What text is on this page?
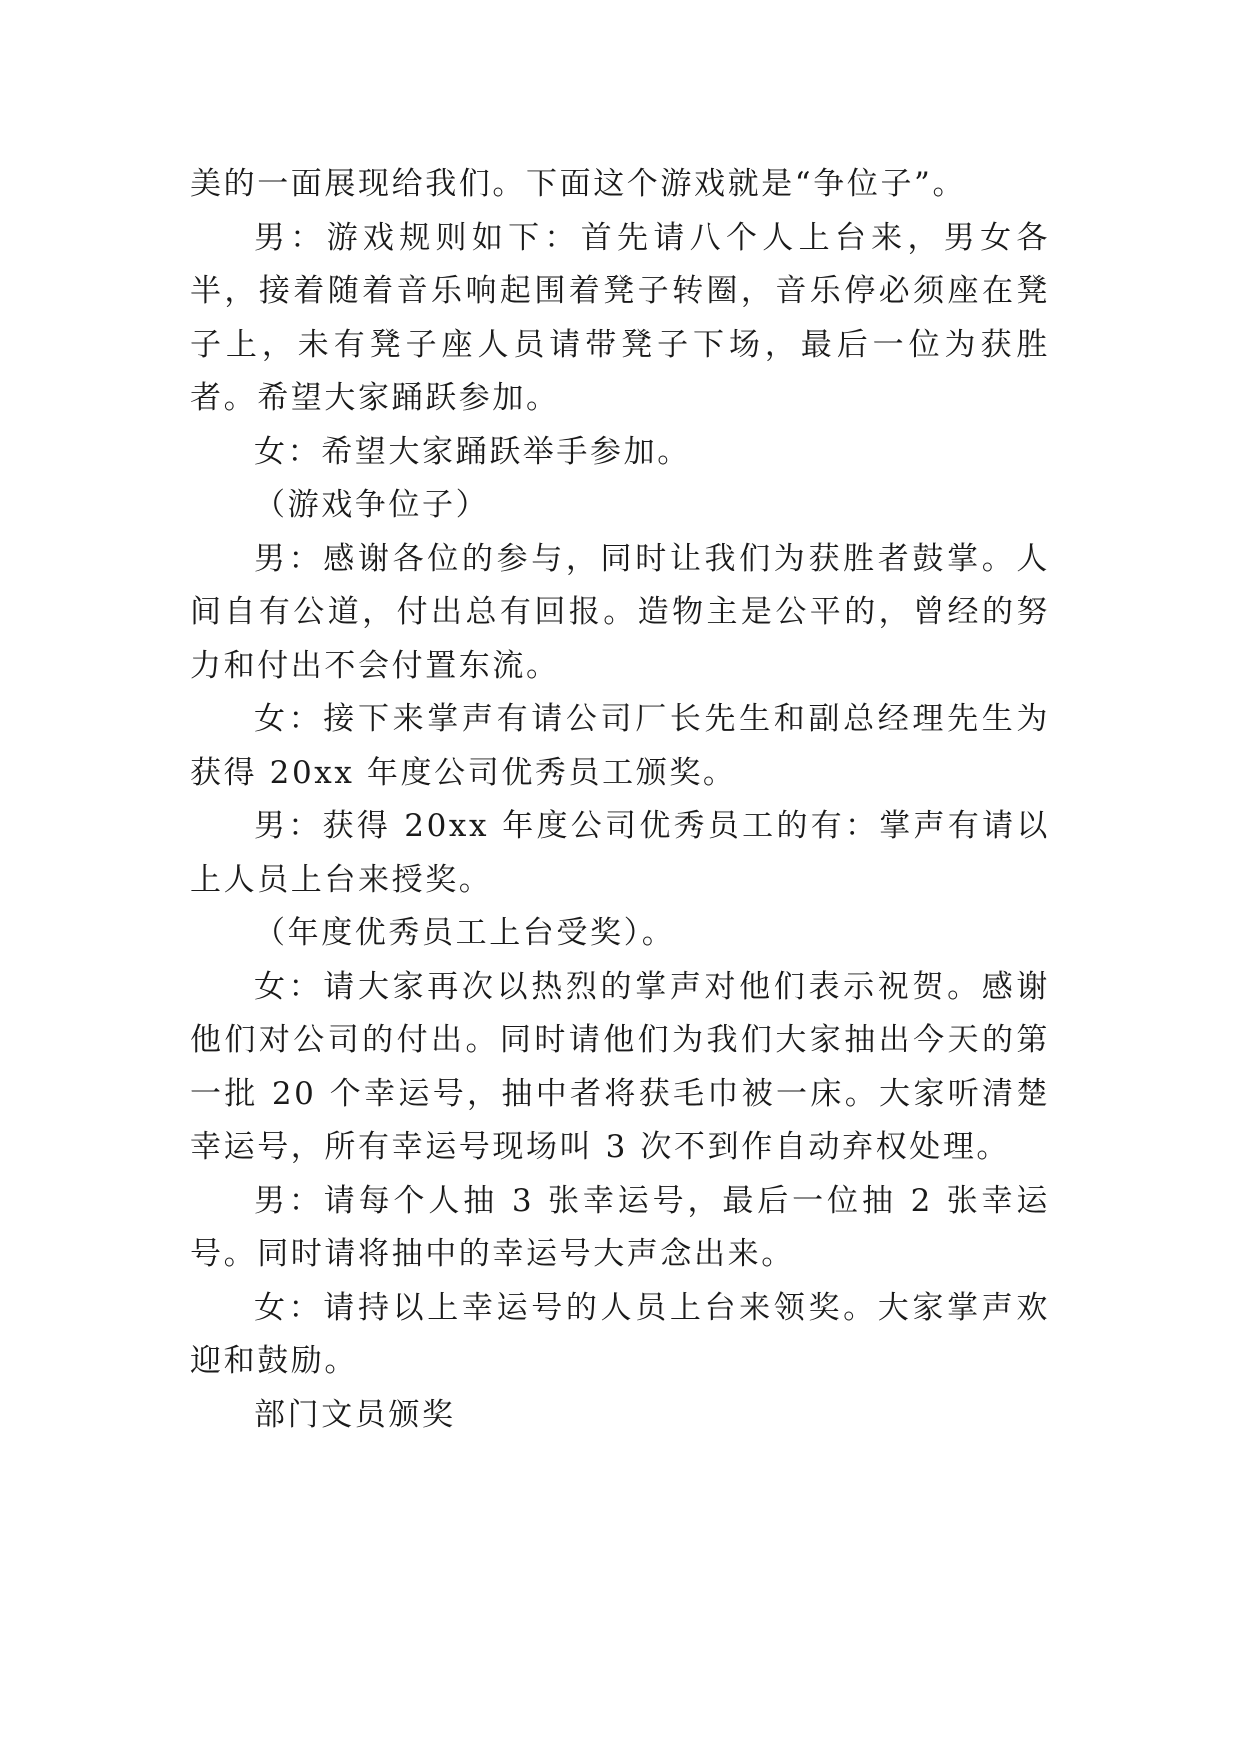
美的一面展现给我们。下面这个游戏就是“争位子”。

男：游戏规则如下：首先请八个人上台来，男女各半，接着随着音乐响起围着凳子转圈，音乐停必须座在凳子上，未有凳子座人员请带凳子下场，最后一位为获胜者。希望大家踊跃参加。

女：希望大家踊跃举手参加。

（游戏争位子）

男：感谢各位的参与，同时让我们为获胜者鼓掌。人间自有公道，付出总有回报。造物主是公平的，曾经的努力和付出不会付置东流。

女：接下来掌声有请公司厂长先生和副总经理先生为获得 20xx 年度公司优秀员工颁奖。

男：获得 20xx 年度公司优秀员工的有：掌声有请以上人员上台来授奖。

（年度优秀员工上台受奖）。

女：请大家再次以热烈的掌声对他们表示祝贺。感谢他们对公司的付出。同时请他们为我们大家抽出今天的第一批 20 个幸运号，抽中者将获毛巾被一床。大家听清楚幸运号，所有幸运号现场叫 3 次不到作自动弃权处理。

男：请每个人抽 3 张幸运号，最后一位抽 2 张幸运号。同时请将抽中的幸运号大声念出来。

女：请持以上幸运号的人员上台来领奖。大家掌声欢迎和鼓励。

部门文员颁奖
